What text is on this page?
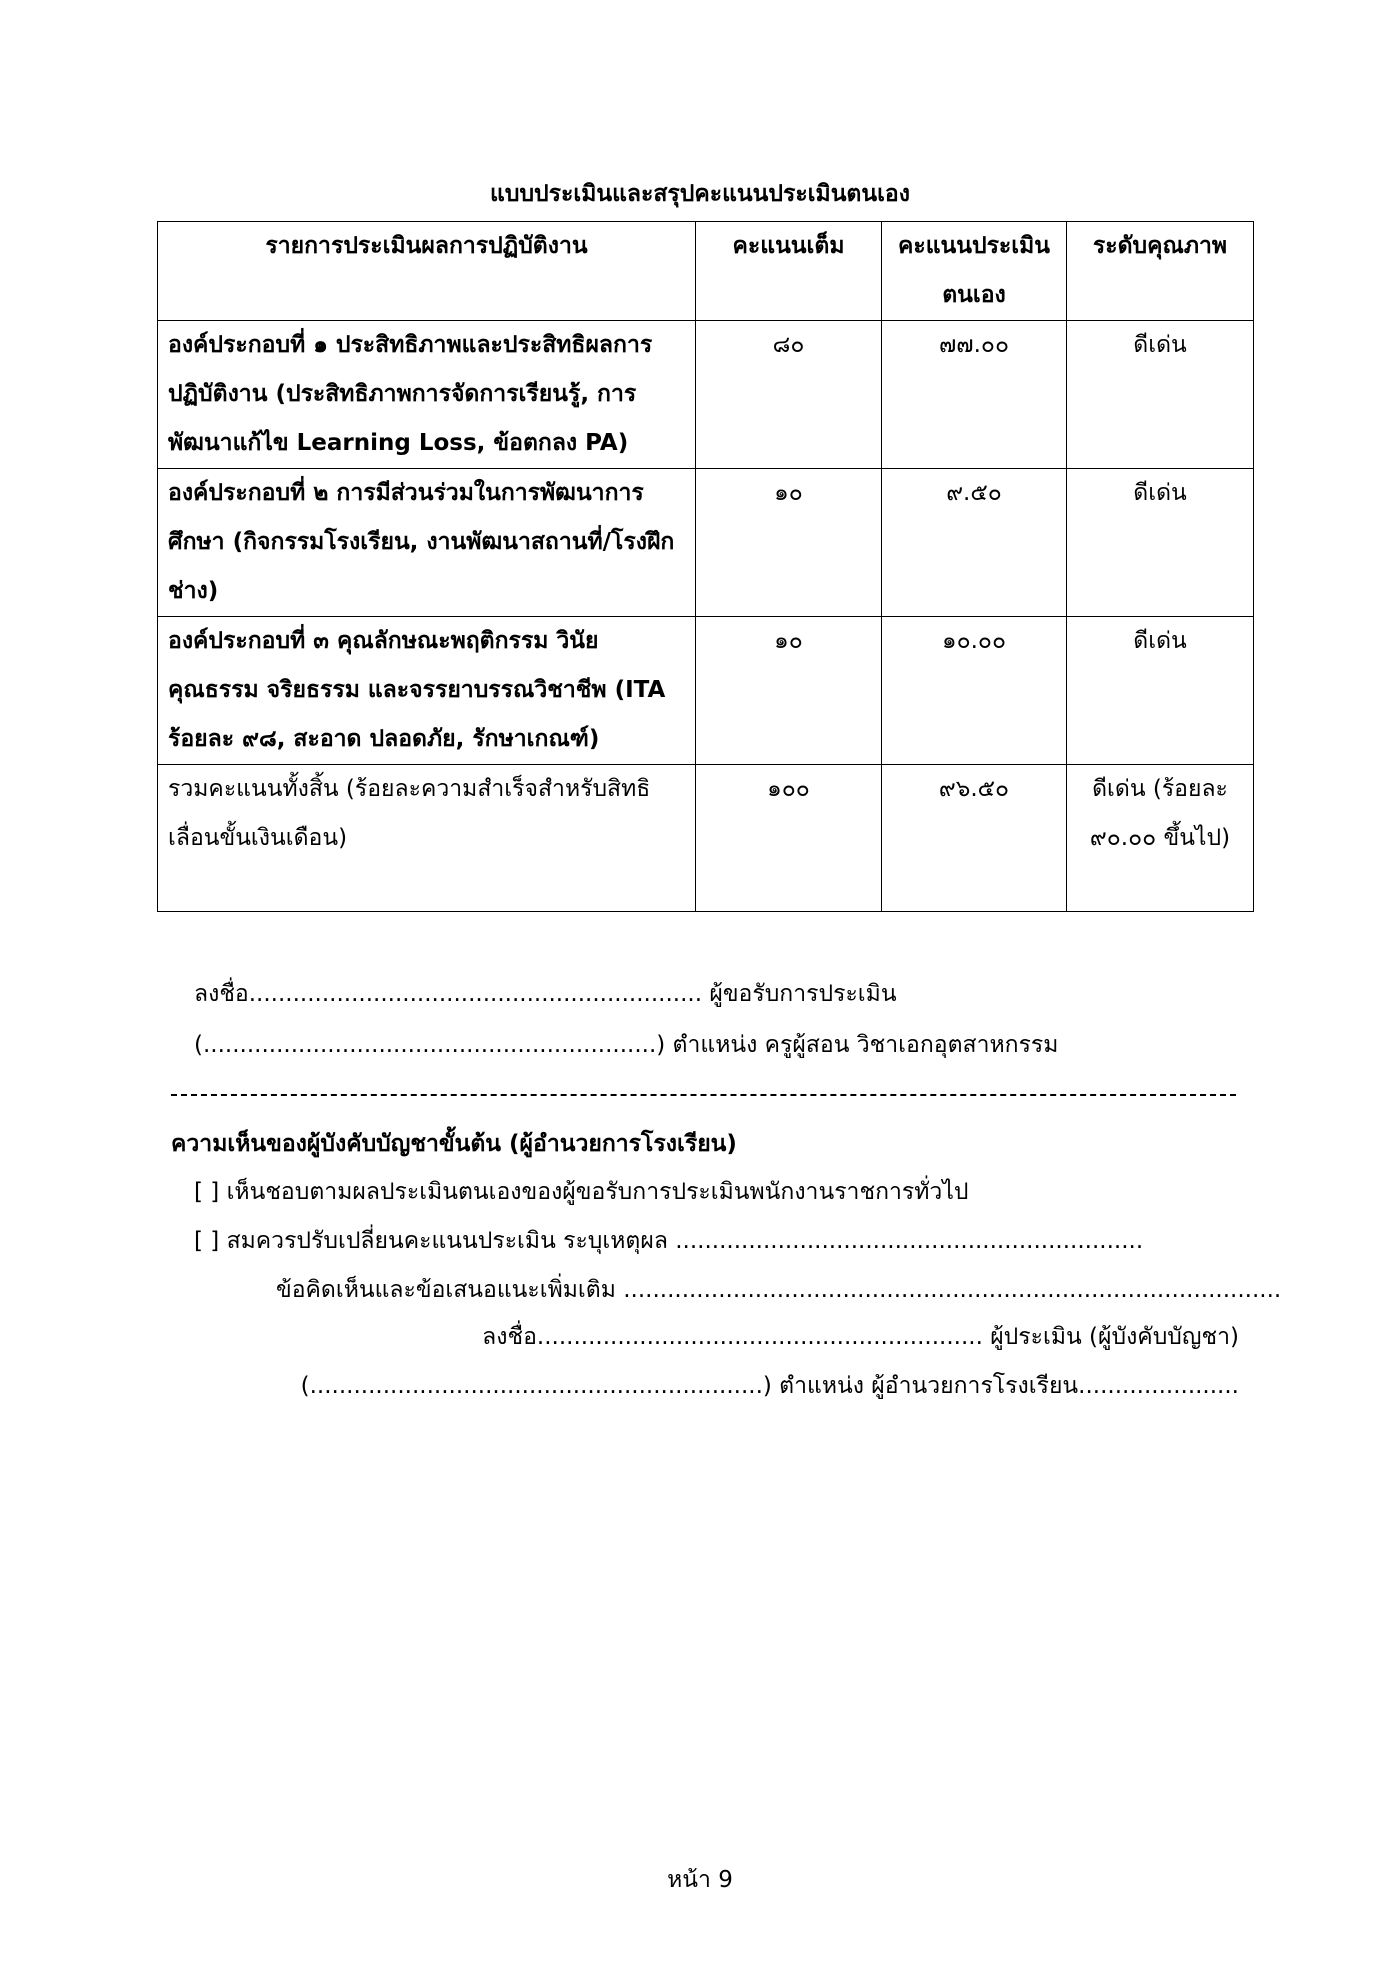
แบบประเมินและสรุปคะแนนประเมินตนเอง
รายการประเมินผลการปฏิบัติงาน	คะแนนเต็ม	คะแนนประเมินตนเอง	ระดับคุณภาพ
องค์ประกอบที่ ๑ ประสิทธิภาพและประสิทธิผลการปฏิบัติงาน (ประสิทธิภาพการจัดการเรียนรู้, การพัฒนาแก้ไข Learning Loss, ข้อตกลง PA)	๘๐	๗๗.๐๐	ดีเด่น
องค์ประกอบที่ ๒ การมีส่วนร่วมในการพัฒนาการศึกษา (กิจกรรมโรงเรียน, งานพัฒนาสถานที่/โรงฝึกช่าง)	๑๐	๙.๕๐	ดีเด่น
องค์ประกอบที่ ๓ คุณลักษณะพฤติกรรม วินัย คุณธรรม จริยธรรม และจรรยาบรรณวิชาชีพ (ITA ร้อยละ ๙๘, สะอาด ปลอดภัย, รักษาเกณฑ์)	๑๐	๑๐.๐๐	ดีเด่น
รวมคะแนนทั้งสิ้น (ร้อยละความสำเร็จสำหรับสิทธิเลื่อนขั้นเงินเดือน)	๑๐๐	๙๖.๕๐	ดีเด่น (ร้อยละ ๙๐.๐๐ ขึ้นไป)
ลงชื่อ.............................................................. ผู้ขอรับการประเมิน
(..............................................................) ตำแหน่ง ครูผู้สอน วิชาเอกอุตสาหกรรม
ความเห็นของผู้บังคับบัญชาขั้นต้น (ผู้อำนวยการโรงเรียน)
[ ] เห็นชอบตามผลประเมินตนเองของผู้ขอรับการประเมินพนักงานราชการทั่วไป
[ ] สมควรปรับเปลี่ยนคะแนนประเมิน ระบุเหตุผล ................................................................
ข้อคิดเห็นและข้อเสนอแนะเพิ่มเติม ..........................................................................................
ลงชื่อ............................................................. ผู้ประเมิน (ผู้บังคับบัญชา)
(..............................................................) ตำแหน่ง ผู้อำนวยการโรงเรียน......................
หน้า 9
